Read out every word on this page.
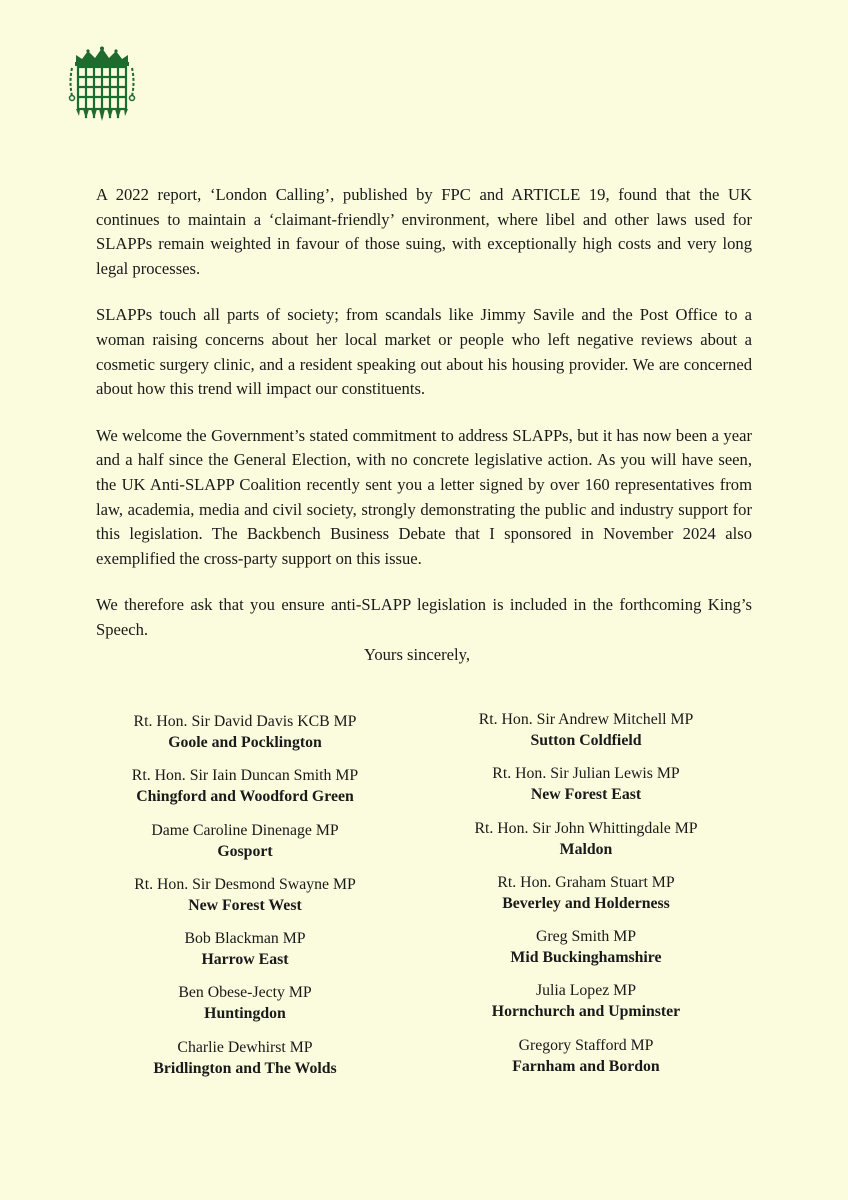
A 2022 report, ‘London Calling’, published by FPC and ARTICLE 19, found that the UK continues to maintain a ‘claimant-friendly’ environment, where libel and other laws used for SLAPPs remain weighted in favour of those suing, with exceptionally high costs and very long legal processes.

SLAPPs touch all parts of society; from scandals like Jimmy Savile and the Post Office to a woman raising concerns about her local market or people who left negative reviews about a cosmetic surgery clinic, and a resident speaking out about his housing provider. We are concerned about how this trend will impact our constituents.

We welcome the Government’s stated commitment to address SLAPPs, but it has now been a year and a half since the General Election, with no concrete legislative action. As you will have seen, the UK Anti-SLAPP Coalition recently sent you a letter signed by over 160 representatives from law, academia, media and civil society, strongly demonstrating the public and industry support for this legislation. The Backbench Business Debate that I sponsored in November 2024 also exemplified the cross-party support on this issue.

We therefore ask that you ensure anti-SLAPP legislation is included in the forthcoming King’s Speech.

Yours sincerely,
Rt. Hon. Sir David Davis KCB MP
Goole and Pocklington
Rt. Hon. Sir Iain Duncan Smith MP
Chingford and Woodford Green
Dame Caroline Dinenage MP
Gosport
Rt. Hon. Sir Desmond Swayne MP
New Forest West
Bob Blackman MP
Harrow East
Ben Obese-Jecty MP
Huntingdon
Charlie Dewhirst MP
Bridlington and The Wolds
Rt. Hon. Sir Andrew Mitchell MP
Sutton Coldfield
Rt. Hon. Sir Julian Lewis MP
New Forest East
Rt. Hon. Sir John Whittingdale MP
Maldon
Rt. Hon. Graham Stuart MP
Beverley and Holderness
Greg Smith MP
Mid Buckinghamshire
Julia Lopez MP
Hornchurch and Upminster
Gregory Stafford MP
Farnham and Bordon
